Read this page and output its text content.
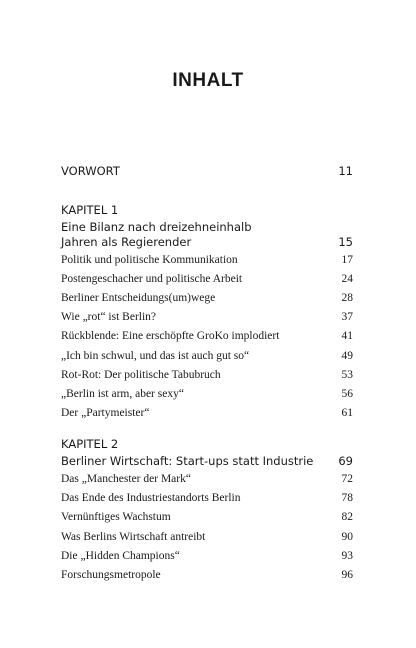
INHALT
VORWORT	11
KAPITEL 1
Eine Bilanz nach dreizehneinhalb
Jahren als Regierender	15
Politik und politische Kommunikation	17
Postengeschacher und politische Arbeit	24
Berliner Entscheidungs(um)wege	28
Wie „rot“ ist Berlin?	37
Rückblende: Eine erschöpfte GroKo implodiert	41
„Ich bin schwul, und das ist auch gut so“	49
Rot-Rot: Der politische Tabubruch	53
„Berlin ist arm, aber sexy“	56
Der „Partymeister“	61
KAPITEL 2
Berliner Wirtschaft: Start-ups statt Industrie 69
Das „Manchester der Mark“	72
Das Ende des Industriestandorts Berlin	78
Vernünftiges Wachstum	82
Was Berlins Wirtschaft antreibt	90
Die „Hidden Champions“	93
Forschungsmetropole	96
